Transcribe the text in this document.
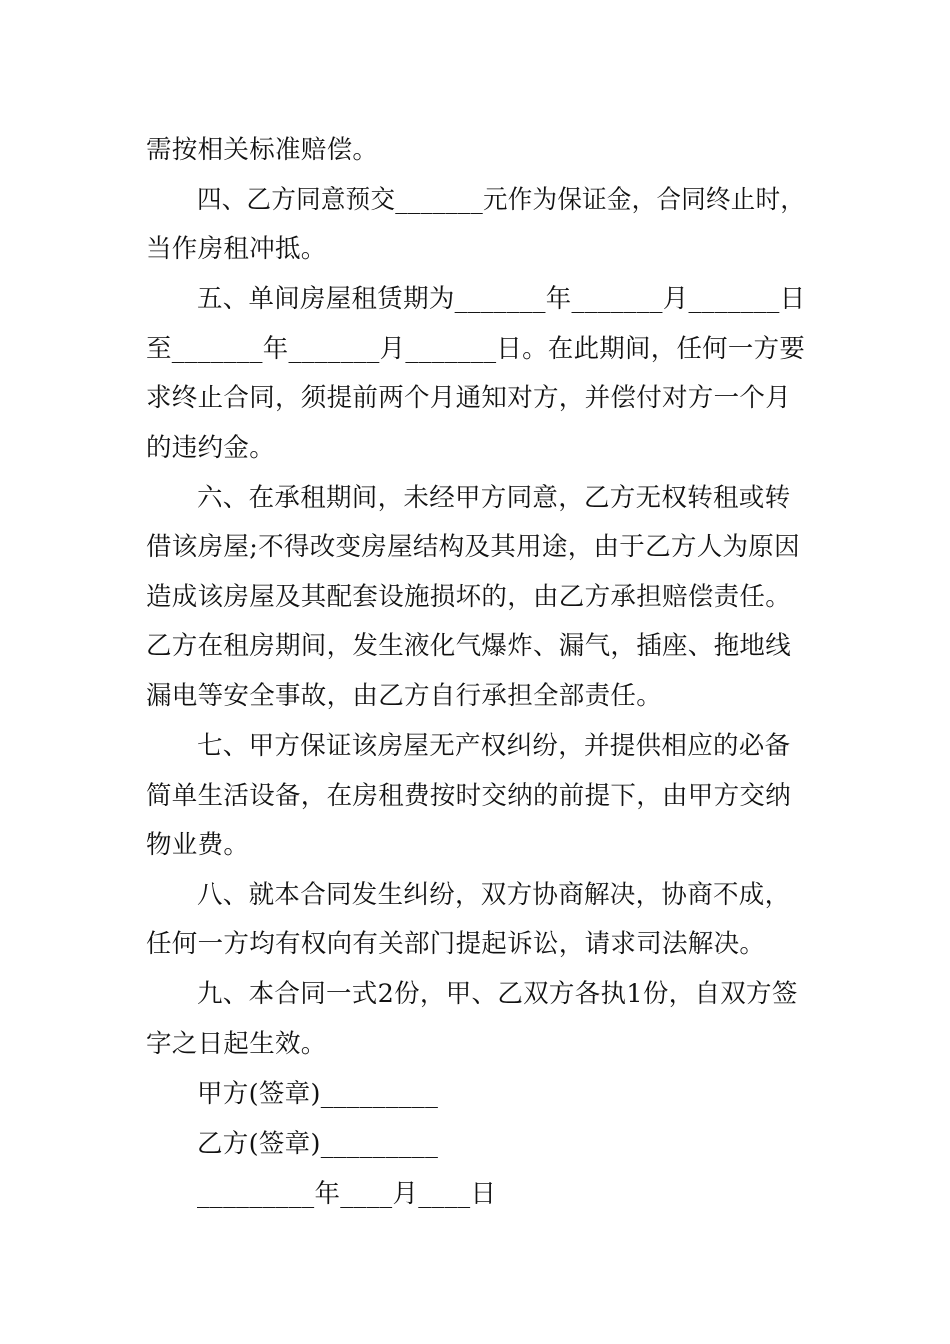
需按相关标准赔偿。
四、乙方同意预交_______元作为保证金，合同终止时，
当作房租冲抵。
五、单间房屋租赁期为_______年_______月_______日
至_______年_______月_______日。在此期间，任何一方要
求终止合同，须提前两个月通知对方，并偿付对方一个月
的违约金。
六、在承租期间，未经甲方同意，乙方无权转租或转
借该房屋;不得改变房屋结构及其用途，由于乙方人为原因
造成该房屋及其配套设施损坏的，由乙方承担赔偿责任。
乙方在租房期间，发生液化气爆炸、漏气，插座、拖地线
漏电等安全事故，由乙方自行承担全部责任。
七、甲方保证该房屋无产权纠纷，并提供相应的必备
简单生活设备，在房租费按时交纳的前提下，由甲方交纳
物业费。
八、就本合同发生纠纷，双方协商解决，协商不成，
任何一方均有权向有关部门提起诉讼，请求司法解决。
九、本合同一式2份，甲、乙双方各执1份，自双方签
字之日起生效。
甲方(签章)_________
乙方(签章)_________
_________年____月____日
